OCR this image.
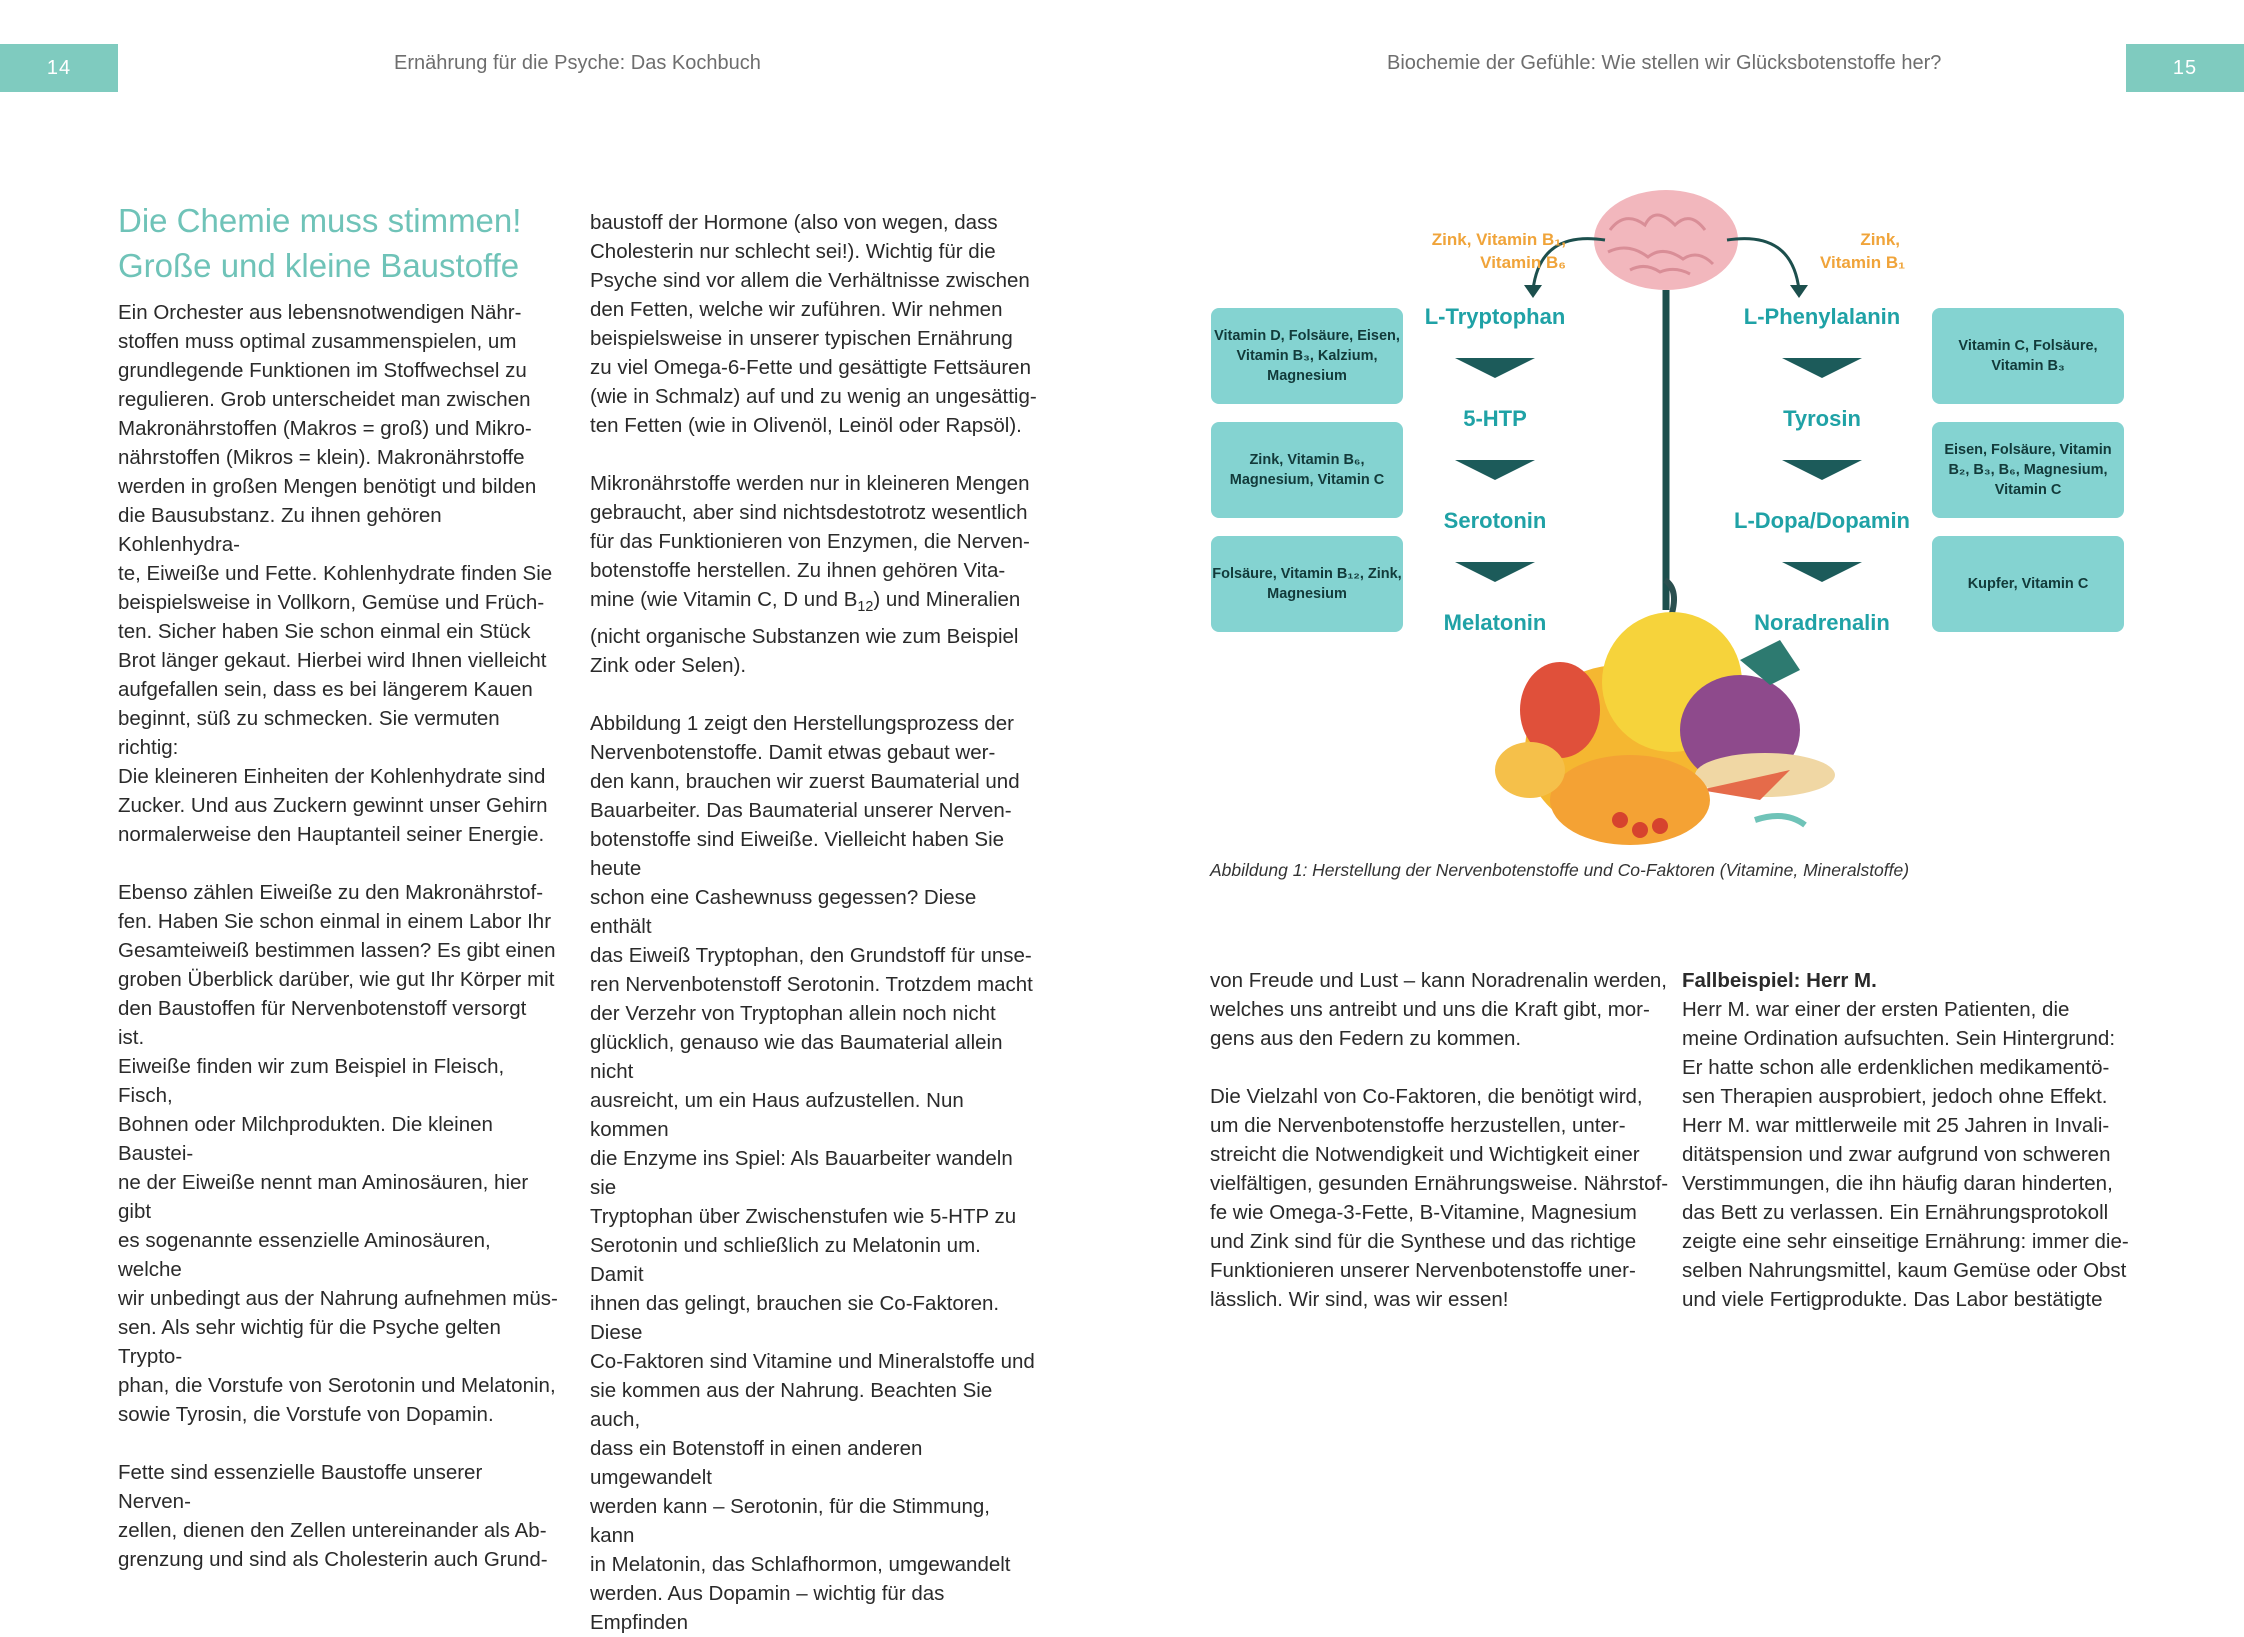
14	Ernährung für die Psyche: Das Kochbuch	Biochemie der Gefühle: Wie stellen wir Glücksbotenstoffe her?	15
Die Chemie muss stimmen!
Große und kleine Baustoffe

Ein Orchester aus lebensnotwendigen Nähr-

stoffen muss optimal zusammenspielen, um

grundlegende Funktionen im Stoffwechsel zu

regulieren. Grob unterscheidet man zwischen

Makronährstoffen (Makros = groß) und Mikro-

nährstoffen (Mikros = klein). Makronährstoffe

werden in großen Mengen benötigt und bilden

die Bausubstanz. Zu ihnen gehören Kohlenhydra-

te, Eiweiße und Fette. Kohlenhydrate finden Sie

beispielsweise in Vollkorn, Gemüse und Früch-

ten. Sicher haben Sie schon einmal ein Stück

Brot länger gekaut. Hierbei wird Ihnen vielleicht

aufgefallen sein, dass es bei längerem Kauen

beginnt, süß zu schmecken. Sie vermuten richtig:

Die kleineren Einheiten der Kohlenhydrate sind

Zucker. Und aus Zuckern gewinnt unser Gehirn

normalerweise den Hauptanteil seiner Energie.

Ebenso zählen Eiweiße zu den Makronährstof-

fen. Haben Sie schon einmal in einem Labor Ihr

Gesamteiweiß bestimmen lassen? Es gibt einen

groben Überblick darüber, wie gut Ihr Körper mit

den Baustoffen für Nervenbotenstoff versorgt ist.

Eiweiße finden wir zum Beispiel in Fleisch, Fisch,

Bohnen oder Milchprodukten. Die kleinen Baustei-

ne der Eiweiße nennt man Aminosäuren, hier gibt

es sogenannte essenzielle Aminosäuren, welche

wir unbedingt aus der Nahrung aufnehmen müs-

sen. Als sehr wichtig für die Psyche gelten Trypto-

phan, die Vorstufe von Serotonin und Melatonin,

sowie Tyrosin, die Vorstufe von Dopamin.

Fette sind essenzielle Baustoffe unserer Nerven-

zellen, dienen den Zellen untereinander als Ab-

grenzung und sind als Cholesterin auch Grund-

baustoff der Hormone (also von wegen, dass

Cholesterin nur schlecht sei!). Wichtig für die

Psyche sind vor allem die Verhältnisse zwischen

den Fetten, welche wir zuführen. Wir nehmen

beispielsweise in unserer typischen Ernährung

zu viel Omega-6-Fette und gesättigte Fettsäuren

(wie in Schmalz) auf und zu wenig an ungesättig-

ten Fetten (wie in Olivenöl, Leinöl oder Rapsöl).

Mikronährstoffe werden nur in kleineren Mengen

gebraucht, aber sind nichtsdestotrotz wesentlich

für das Funktionieren von Enzymen, die Nerven-

botenstoffe herstellen. Zu ihnen gehören Vita-

mine (wie Vitamin C, D und $B_{12}$) und Mineralien

(nicht organische Substanzen wie zum Beispiel

Zink oder Selen).

Abbildung 1 zeigt den Herstellungsprozess der

Nervenbotenstoffe. Damit etwas gebaut wer-

den kann, brauchen wir zuerst Baumaterial und

Bauarbeiter. Das Baumaterial unserer Nerven-

botenstoffe sind Eiweiße. Vielleicht haben Sie heute

schon eine Cashewnuss gegessen? Diese enthält

das Eiweiß Tryptophan, den Grundstoff für unse-

ren Nervenbotenstoff Serotonin. Trotzdem macht

der Verzehr von Tryptophan allein noch nicht

glücklich, genauso wie das Baumaterial allein nicht

ausreicht, um ein Haus aufzustellen. Nun kommen

die Enzyme ins Spiel: Als Bauarbeiter wandeln sie

Tryptophan über Zwischenstufen wie 5-HTP zu

Serotonin und schließlich zu Melatonin um. Damit

ihnen das gelingt, brauchen sie Co-Faktoren. Diese

Co-Faktoren sind Vitamine und Mineralstoffe und

sie kommen aus der Nahrung. Beachten Sie auch,

dass ein Botenstoff in einen anderen umgewandelt

werden kann – Serotonin, für die Stimmung, kann

in Melatonin, das Schlafhormon, umgewandelt

werden. Aus Dopamin – wichtig für das Empfinden

Zink, Vitamin B₁,
Vitamin B₆
Zink,
Vitamin B₁
L-Tryptophan
5-HTP
Serotonin
Melatonin
L-Phenylalanin
Tyrosin
L-Dopa/Dopamin
Noradrenalin
Vitamin D, Folsäure, Eisen, Vitamin B₃, Kalzium, Magnesium
Zink, Vitamin B₆, Magnesium, Vitamin C
Folsäure, Vitamin B₁₂, Zink, Magnesium
Vitamin C, Folsäure, Vitamin B₃
Eisen, Folsäure, Vitamin B₂, B₃, B₆, Magnesium, Vitamin C
Kupfer, Vitamin C
Abbildung 1: Herstellung der Nervenbotenstoffe und Co-Faktoren (Vitamine, Mineralstoffe)

von Freude und Lust – kann Noradrenalin werden,

welches uns antreibt und uns die Kraft gibt, mor-

gens aus den Federn zu kommen.

Die Vielzahl von Co-Faktoren, die benötigt wird,

um die Nervenbotenstoffe herzustellen, unter-

streicht die Notwendigkeit und Wichtigkeit einer

vielfältigen, gesunden Ernährungsweise. Nährstof-

fe wie Omega-3-Fette, B-Vitamine, Magnesium

und Zink sind für die Synthese und das richtige

Funktionieren unserer Nervenbotenstoffe uner-

lässlich. Wir sind, was wir essen!

Fallbeispiel: Herr M.

Herr M. war einer der ersten Patienten, die

meine Ordination aufsuchten. Sein Hintergrund:

Er hatte schon alle erdenklichen medikamentö-

sen Therapien ausprobiert, jedoch ohne Effekt.

Herr M. war mittlerweile mit 25 Jahren in Invali-

ditätspension und zwar aufgrund von schweren

Verstimmungen, die ihn häufig daran hinderten,

das Bett zu verlassen. Ein Ernährungsprotokoll

zeigte eine sehr einseitige Ernährung: immer die-

selben Nahrungsmittel, kaum Gemüse oder Obst

und viele Fertigprodukte. Das Labor bestätigte
